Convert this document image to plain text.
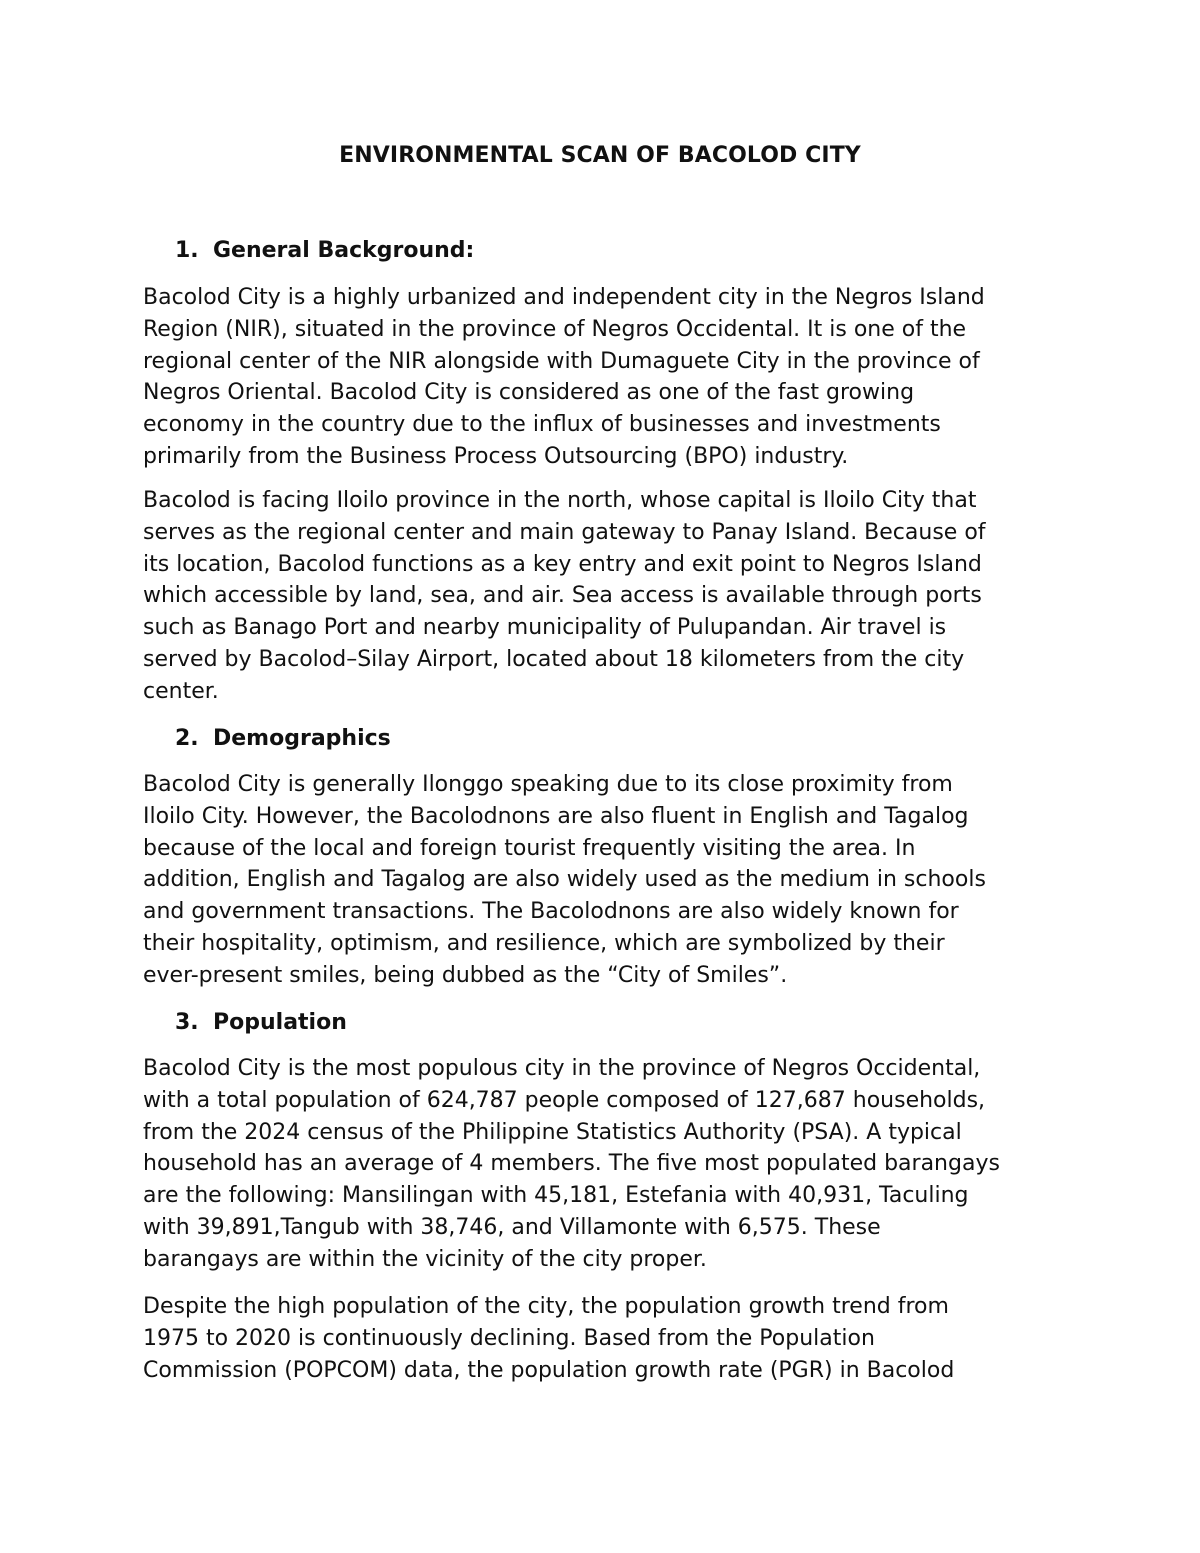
ENVIRONMENTAL SCAN OF BACOLOD CITY
1. General Background:

Bacolod City is a highly urbanized and independent city in the Negros Island
Region (NIR), situated in the province of Negros Occidental. It is one of the
regional center of the NIR alongside with Dumaguete City in the province of
Negros Oriental. Bacolod City is considered as one of the fast growing
economy in the country due to the influx of businesses and investments
primarily from the Business Process Outsourcing (BPO) industry.

Bacolod is facing Iloilo province in the north, whose capital is Iloilo City that
serves as the regional center and main gateway to Panay Island. Because of
its location, Bacolod functions as a key entry and exit point to Negros Island
which accessible by land, sea, and air. Sea access is available through ports
such as Banago Port and nearby municipality of Pulupandan. Air travel is
served by Bacolod–Silay Airport, located about 18 kilometers from the city
center.

2. Demographics

Bacolod City is generally Ilonggo speaking due to its close proximity from
Iloilo City. However, the Bacolodnons are also fluent in English and Tagalog
because of the local and foreign tourist frequently visiting the area. In
addition, English and Tagalog are also widely used as the medium in schools
and government transactions. The Bacolodnons are also widely known for
their hospitality, optimism, and resilience, which are symbolized by their
ever-present smiles, being dubbed as the “City of Smiles”.

3. Population

Bacolod City is the most populous city in the province of Negros Occidental,
with a total population of 624,787 people composed of 127,687 households,
from the 2024 census of the Philippine Statistics Authority (PSA). A typical
household has an average of 4 members. The five most populated barangays
are the following: Mansilingan with 45,181, Estefania with 40,931, Taculing
with 39,891,Tangub with 38,746, and Villamonte with 6,575. These
barangays are within the vicinity of the city proper.

Despite the high population of the city, the population growth trend from
1975 to 2020 is continuously declining. Based from the Population
Commission (POPCOM) data, the population growth rate (PGR) in Bacolod
